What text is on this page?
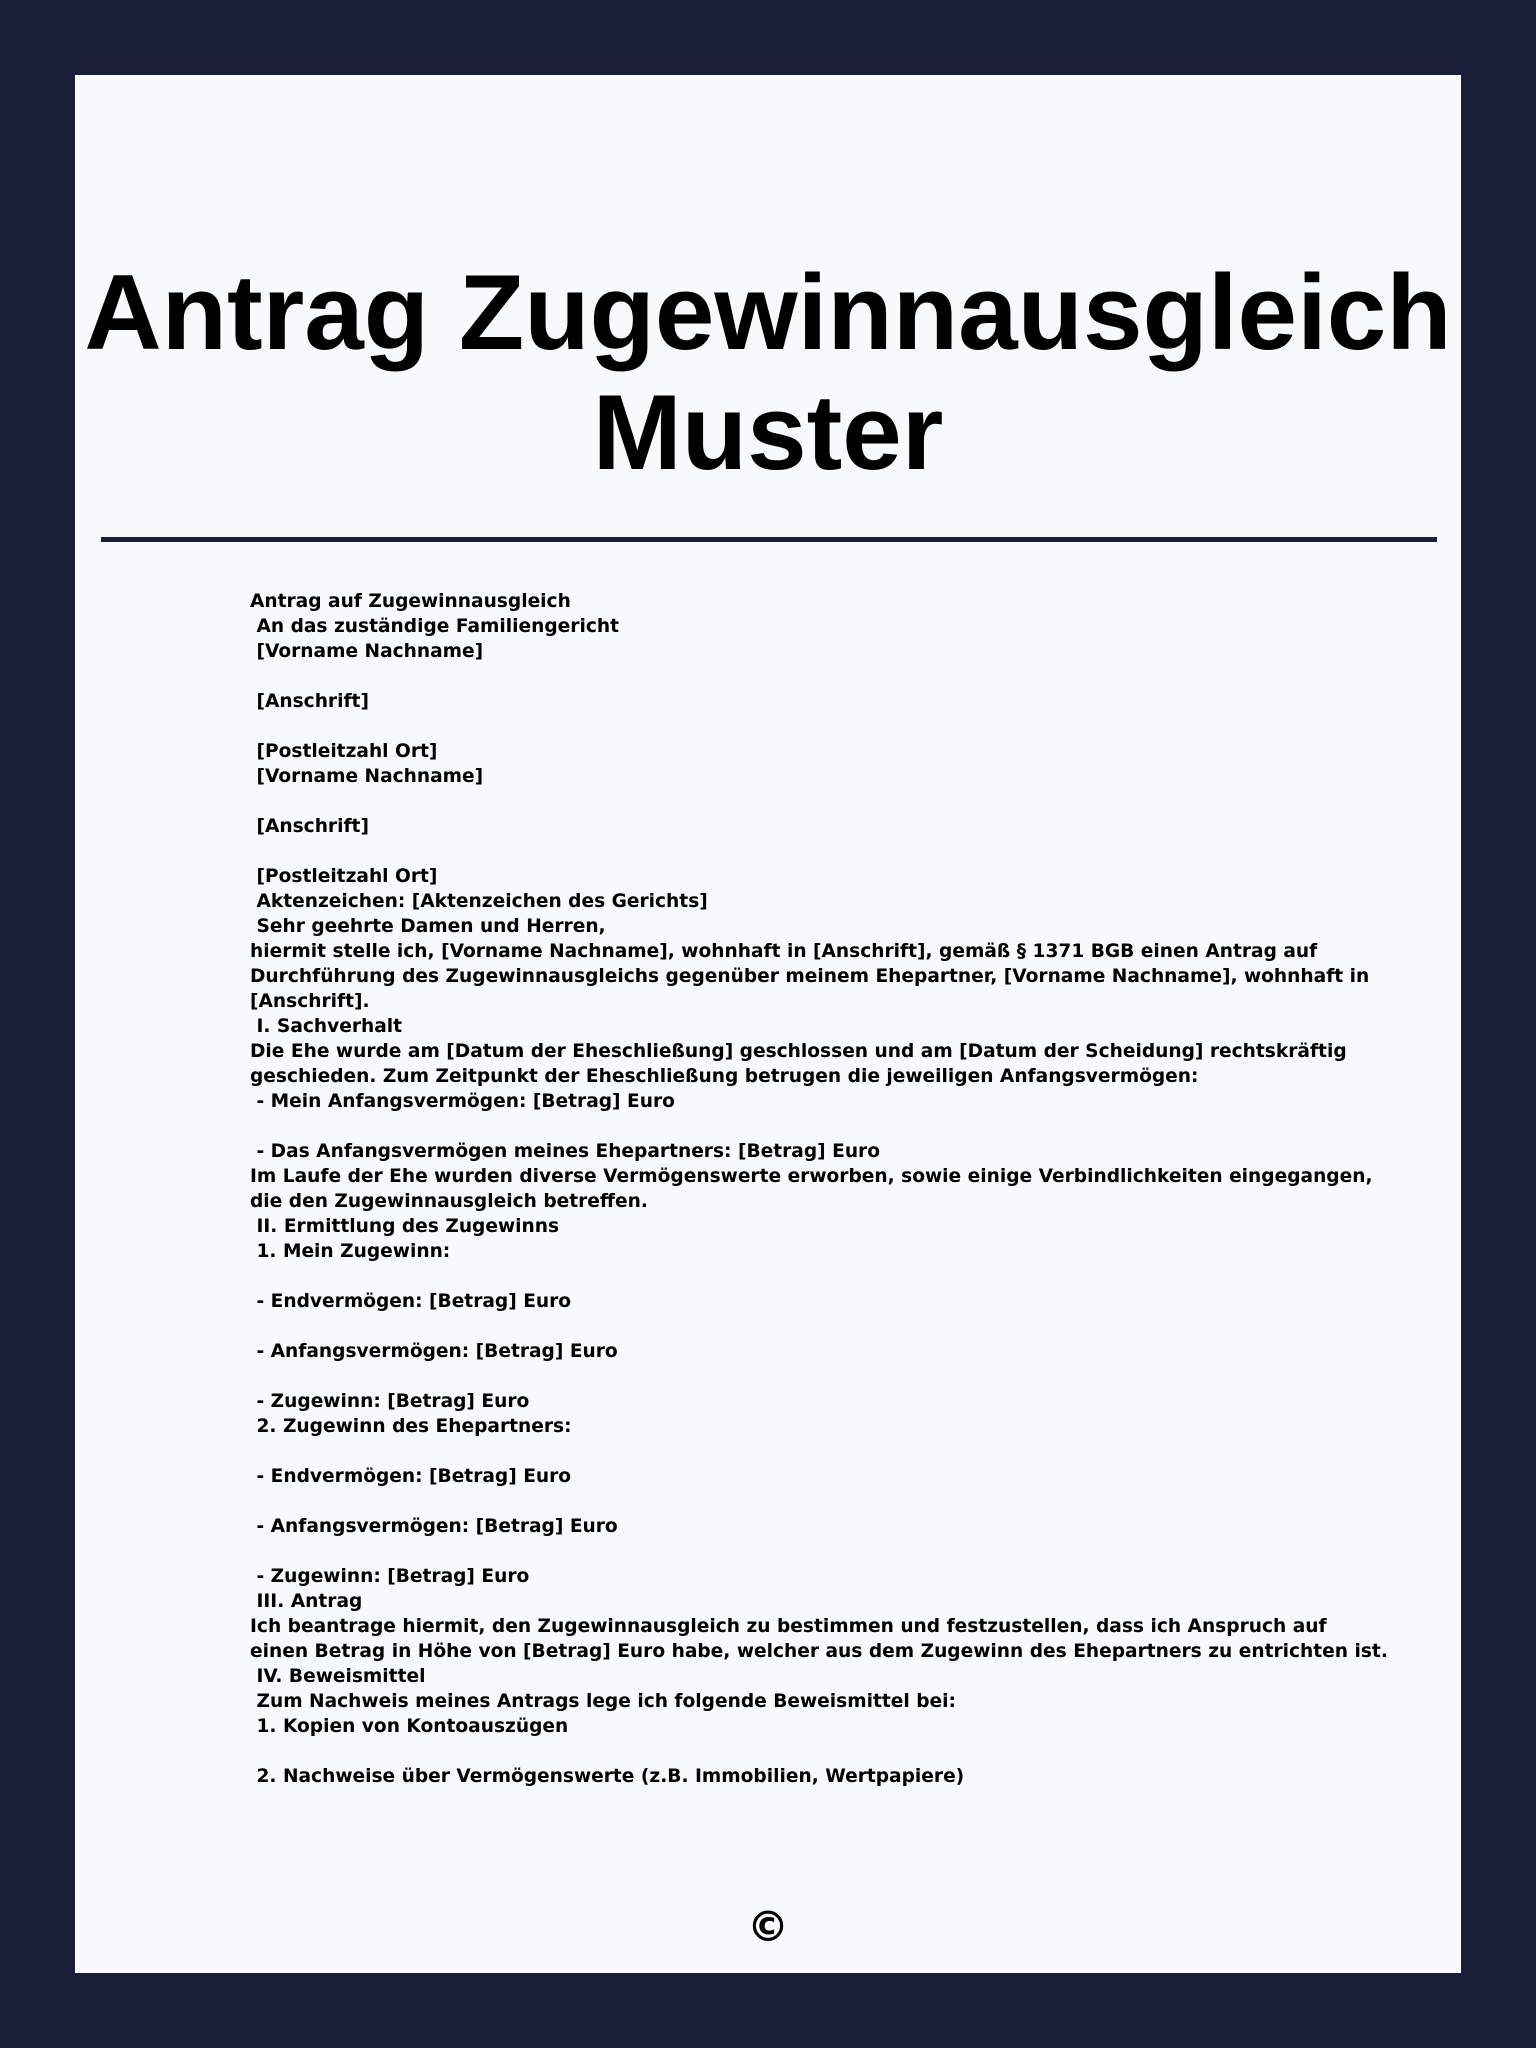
Antrag Zugewinnausgleich Muster
Antrag auf Zugewinnausgleich
An das zuständige Familiengericht
[Vorname Nachname]

[Anschrift]

[Postleitzahl Ort]
[Vorname Nachname]

[Anschrift]

[Postleitzahl Ort]
Aktenzeichen: [Aktenzeichen des Gerichts]
Sehr geehrte Damen und Herren,
hiermit stelle ich, [Vorname Nachname], wohnhaft in [Anschrift], gemäß § 1371 BGB einen Antrag auf
Durchführung des Zugewinnausgleichs gegenüber meinem Ehepartner, [Vorname Nachname], wohnhaft in
[Anschrift].
I. Sachverhalt
Die Ehe wurde am [Datum der Eheschließung] geschlossen und am [Datum der Scheidung] rechtskräftig
geschieden. Zum Zeitpunkt der Eheschließung betrugen die jeweiligen Anfangsvermögen:
- Mein Anfangsvermögen: [Betrag] Euro

- Das Anfangsvermögen meines Ehepartners: [Betrag] Euro
Im Laufe der Ehe wurden diverse Vermögenswerte erworben, sowie einige Verbindlichkeiten eingegangen,
die den Zugewinnausgleich betreffen.
II. Ermittlung des Zugewinns
1. Mein Zugewinn:

- Endvermögen: [Betrag] Euro

- Anfangsvermögen: [Betrag] Euro

- Zugewinn: [Betrag] Euro
2. Zugewinn des Ehepartners:

- Endvermögen: [Betrag] Euro

- Anfangsvermögen: [Betrag] Euro

- Zugewinn: [Betrag] Euro
III. Antrag
Ich beantrage hiermit, den Zugewinnausgleich zu bestimmen und festzustellen, dass ich Anspruch auf
einen Betrag in Höhe von [Betrag] Euro habe, welcher aus dem Zugewinn des Ehepartners zu entrichten ist.
IV. Beweismittel
Zum Nachweis meines Antrags lege ich folgende Beweismittel bei:
1. Kopien von Kontoauszügen

2. Nachweise über Vermögenswerte (z.B. Immobilien, Wertpapiere)
©
